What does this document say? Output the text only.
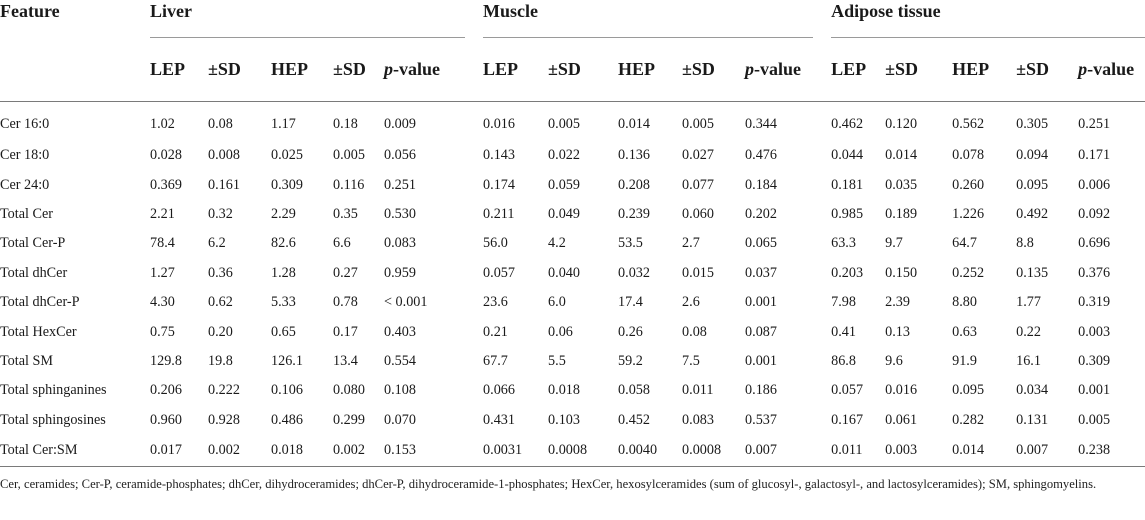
Feature	Liver					Muscle					Adipose tissue				

	LEP	±SD	HEP	±SD	p-value	LEP	±SD	HEP	±SD	p-value	LEP	±SD	HEP	±SD	p-value
Cer 16:0	1.02	0.08	1.17	0.18	0.009	0.016	0.005	0.014	0.005	0.344	0.462	0.120	0.562	0.305	0.251
Cer 18:0	0.028	0.008	0.025	0.005	0.056	0.143	0.022	0.136	0.027	0.476	0.044	0.014	0.078	0.094	0.171
Cer 24:0	0.369	0.161	0.309	0.116	0.251	0.174	0.059	0.208	0.077	0.184	0.181	0.035	0.260	0.095	0.006
Total Cer	2.21	0.32	2.29	0.35	0.530	0.211	0.049	0.239	0.060	0.202	0.985	0.189	1.226	0.492	0.092
Total Cer-P	78.4	6.2	82.6	6.6	0.083	56.0	4.2	53.5	2.7	0.065	63.3	9.7	64.7	8.8	0.696
Total dhCer	1.27	0.36	1.28	0.27	0.959	0.057	0.040	0.032	0.015	0.037	0.203	0.150	0.252	0.135	0.376
Total dhCer-P	4.30	0.62	5.33	0.78	< 0.001	23.6	6.0	17.4	2.6	0.001	7.98	2.39	8.80	1.77	0.319
Total HexCer	0.75	0.20	0.65	0.17	0.403	0.21	0.06	0.26	0.08	0.087	0.41	0.13	0.63	0.22	0.003
Total SM	129.8	19.8	126.1	13.4	0.554	67.7	5.5	59.2	7.5	0.001	86.8	9.6	91.9	16.1	0.309
Total sphinganines	0.206	0.222	0.106	0.080	0.108	0.066	0.018	0.058	0.011	0.186	0.057	0.016	0.095	0.034	0.001
Total sphingosines	0.960	0.928	0.486	0.299	0.070	0.431	0.103	0.452	0.083	0.537	0.167	0.061	0.282	0.131	0.005
Total Cer:SM	0.017	0.002	0.018	0.002	0.153	0.0031	0.0008	0.0040	0.0008	0.007	0.011	0.003	0.014	0.007	0.238
Cer, ceramides; Cer-P, ceramide-phosphates; dhCer, dihydroceramides; dhCer-P, dihydroceramide-1-phosphates; HexCer, hexosylceramides (sum of glucosyl-, galactosyl-, and lactosylceramides); SM, sphingomyelins.
